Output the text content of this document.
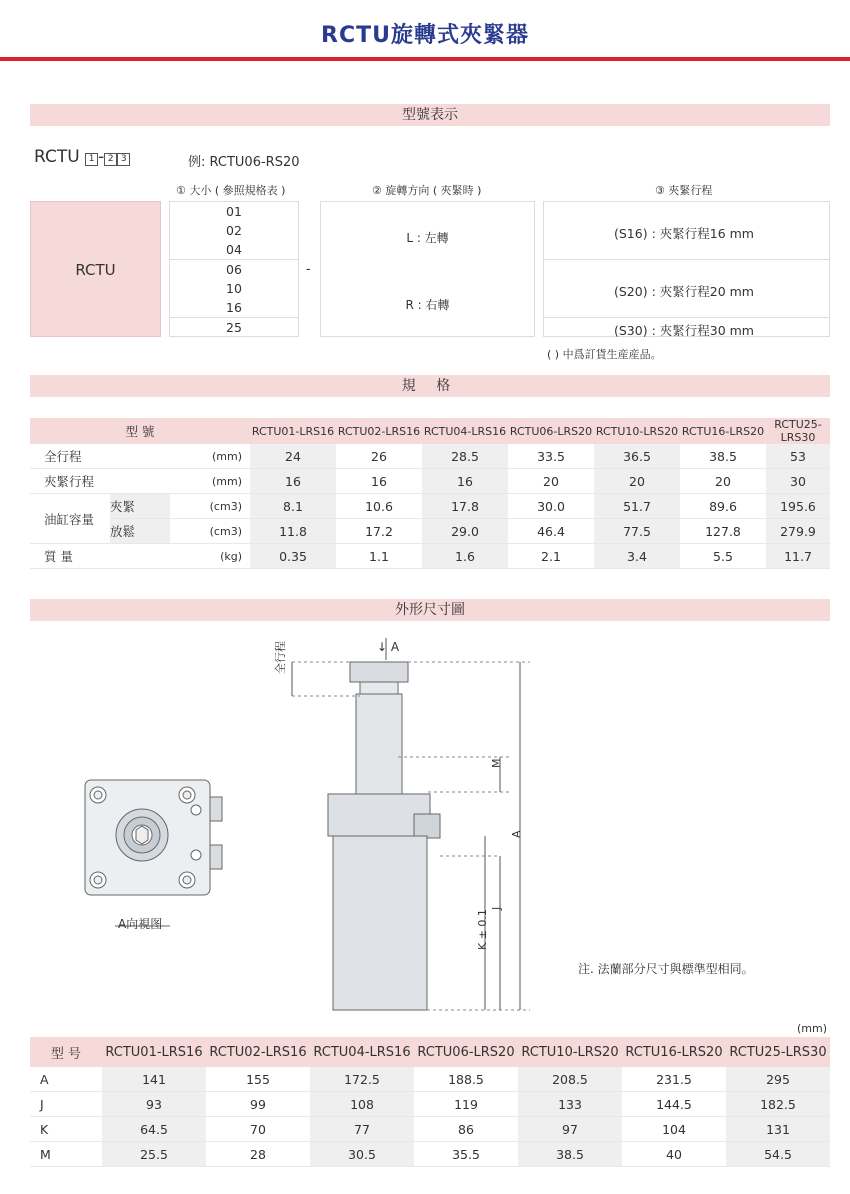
RCTU旋轉式夾緊器
型號表示
RCTU 1 - 2 3	例: RCTU06-RS20
① 大小 ( 參照規格表 )	② 旋轉方向 ( 夾緊時 )	③ 夾緊行程
RCTU
01
02
04
06
10
16
25
-
L : 左轉
R : 右轉
(S16) : 夾緊行程16 mm
(S20) : 夾緊行程20 mm
(S30) : 夾緊行程30 mm
( ) 中爲訂貨生産産品。
規 格
型 號			RCTU01-LRS16	RCTU02-LRS16	RCTU04-LRS16	RCTU06-LRS20	RCTU10-LRS20	RCTU16-LRS20	RCTU25-LRS30
全行程		(mm)	24	26	28.5	33.5	36.5	38.5	53
夾緊行程		(mm)	16	16	16	20	20	20	30
油缸容量	夾緊	(cm3)	8.1	10.6	17.8	30.0	51.7	89.6	195.6
	放鬆	(cm3)	11.8	17.2	29.0	46.4	77.5	127.8	279.9
質 量		(kg)	0.35	1.1	1.6	2.1	3.4	5.5	11.7
外形尺寸圖
↓ A
全行程
M
A
J
K ± 0.1
A向視图
注. 法蘭部分尺寸與標準型相同。
(mm)
型 号	RCTU01-LRS16	RCTU02-LRS16	RCTU04-LRS16	RCTU06-LRS20	RCTU10-LRS20	RCTU16-LRS20	RCTU25-LRS30
A	141	155	172.5	188.5	208.5	231.5	295
J	93	99	108	119	133	144.5	182.5
K	64.5	70	77	86	97	104	131
M	25.5	28	30.5	35.5	38.5	40	54.5
